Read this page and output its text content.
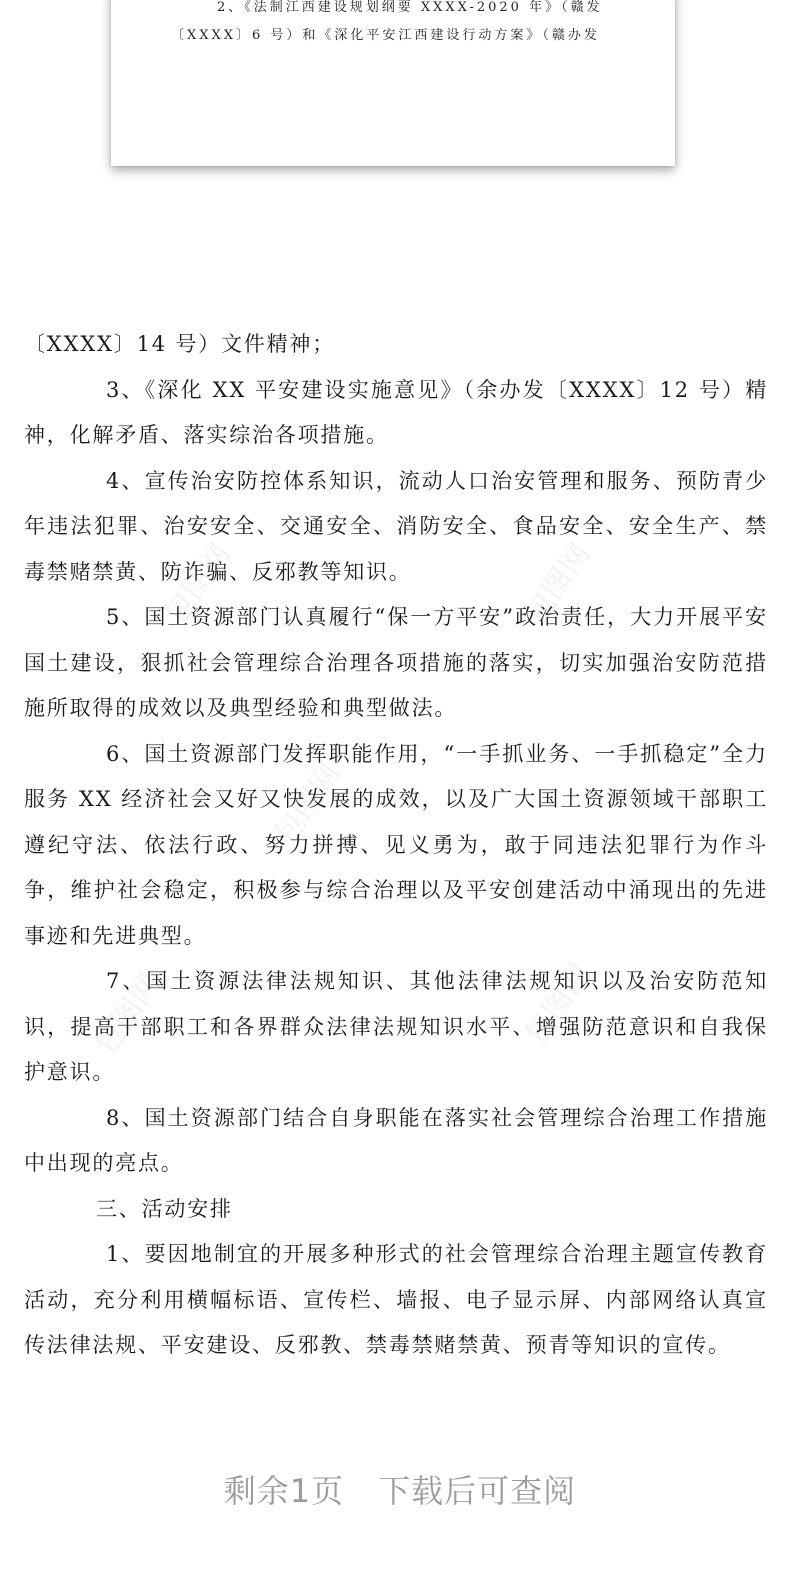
2、《法制江西建设规划纲要 XXXX-2020 年》（赣发
〔XXXX〕6 号）和《深化平安江西建设行动方案》（赣办发
包图网	包图网
包图网
包图网	包图网

〔XXXX〕14 号）文件精神；

3、《深化 XX 平安建设实施意见》（余办发〔XXXX〕12 号）精神，化解矛盾、落实综治各项措施。

4、宣传治安防控体系知识，流动人口治安管理和服务、预防青少年违法犯罪、治安安全、交通安全、消防安全、食品安全、安全生产、禁毒禁赌禁黄、防诈骗、反邪教等知识。

5、国土资源部门认真履行“保一方平安”政治责任，大力开展平安国土建设，狠抓社会管理综合治理各项措施的落实，切实加强治安防范措施所取得的成效以及典型经验和典型做法。

6、国土资源部门发挥职能作用，“一手抓业务、一手抓稳定”全力服务 XX 经济社会又好又快发展的成效，以及广大国土资源领域干部职工遵纪守法、依法行政、努力拼搏、见义勇为，敢于同违法犯罪行为作斗争，维护社会稳定，积极参与综合治理以及平安创建活动中涌现出的先进事迹和先进典型。

7、国土资源法律法规知识、其他法律法规知识以及治安防范知识，提高干部职工和各界群众法律法规知识水平、增强防范意识和自我保护意识。

8、国土资源部门结合自身职能在落实社会管理综合治理工作措施中出现的亮点。

三、活动安排

1、要因地制宜的开展多种形式的社会管理综合治理主题宣传教育活动，充分利用横幅标语、宣传栏、墙报、电子显示屏、内部网络认真宣传法律法规、平安建设、反邪教、禁毒禁赌禁黄、预青等知识的宣传。

剩余1页 下载后可查阅
